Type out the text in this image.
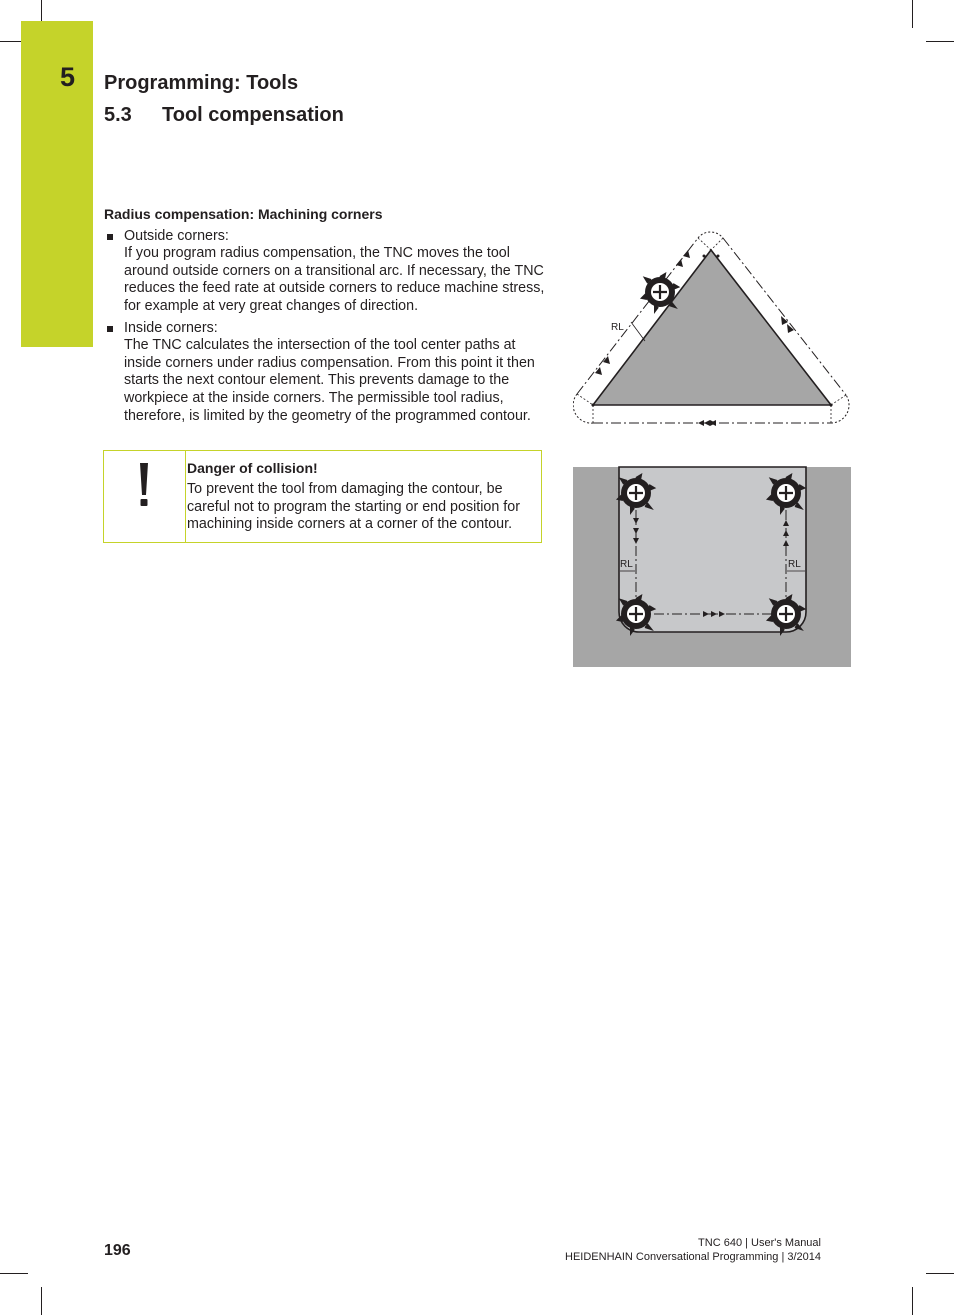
5 Programming: Tools
5.3 Tool compensation
Radius compensation: Machining corners

Outside corners:

If you program radius compensation, the TNC moves the tool around outside corners on a transitional arc. If necessary, the TNC reduces the feed rate at outside corners to reduce machine stress, for example at very great changes of direction.

Inside corners:

The TNC calculates the intersection of the tool center paths at inside corners under radius compensation. From this point it then starts the next contour element. This prevents damage to the workpiece at the inside corners. The permissible tool radius, therefore, is limited by the geometry of the programmed contour.

Danger of collision!
To prevent the tool from damaging the contour, be careful not to program the starting or end position for machining inside corners at a corner of the contour.
RL
RL	RL
196	TNC 640 | User's Manual
HEIDENHAIN Conversational Programming | 3/2014
